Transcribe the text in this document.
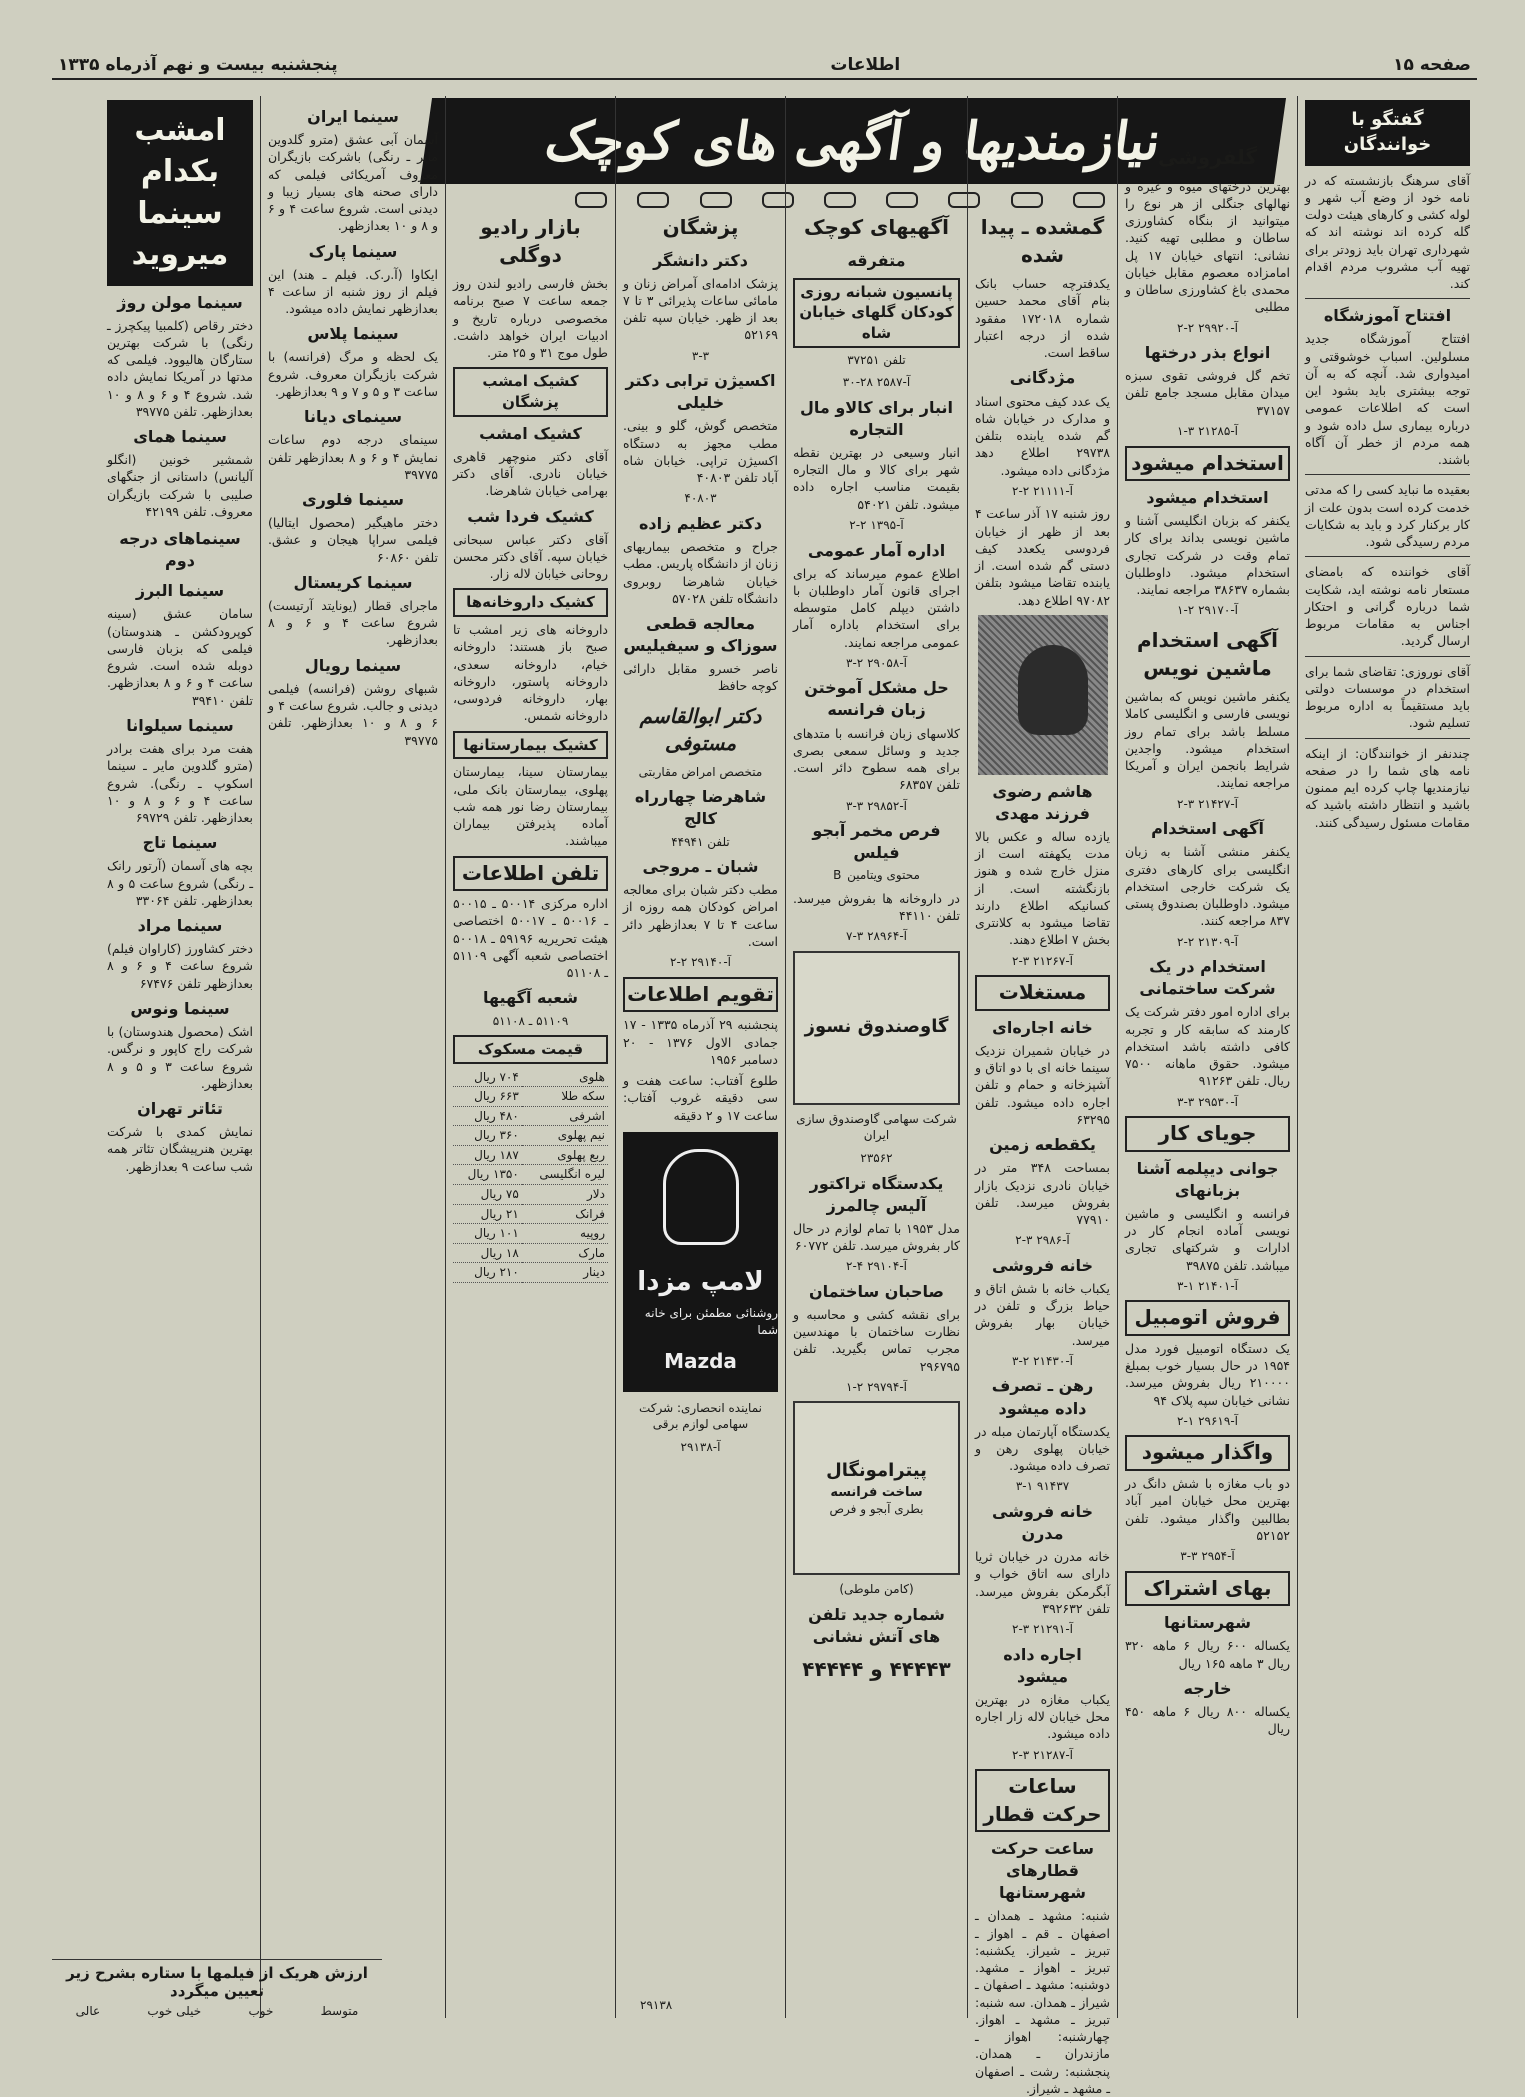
صفحه ۱۵
اطلاعات
پنجشنبه بیست و نهم آذرماه ۱۳۳۵
نیازمندیها و آگهی های کوچک	گفتگو با خوانندگان

آقای سرهنگ بازنشسته که در نامه خود از وضع آب شهر و لوله کشی و کارهای هیئت دولت گله کرده اند نوشته اند که شهرداری تهران باید زودتر برای تهیه آب مشروب مردم اقدام کند.

افتتاح آموزشگاه

افتتاح آموزشگاه جدید مسلولین. اسباب خوشوقتی و امیدواری شد. آنچه که به آن توجه بیشتری باید بشود این است که اطلاعات عمومی درباره بیماری سل داده شود و همه مردم از خطر آن آگاه باشند.

بعقیده ما نباید کسی را که مدتی خدمت کرده است بدون علت از کار برکنار کرد و باید به شکایات مردم رسیدگی شود.

آقای خواننده که بامضای مستعار نامه نوشته اید، شکایت شما درباره گرانی و احتکار اجناس به مقامات مربوط ارسال گردید.

آقای نوروزی: تقاضای شما برای استخدام در موسسات دولتی باید مستقیماً به اداره مربوط تسلیم شود.

چندنفر از خوانندگان: از اینکه نامه های شما را در صفحه نیازمندیها چاپ کرده ایم ممنون باشید و انتظار داشته باشید که مقامات مسئول رسیدگی کنند.

گلفروشی

بهترین درختهای میوه و غیره و نهالهای جنگلی از هر نوع را میتوانید از بنگاه کشاورزی ساطان و مطلبی تهیه کنید. نشانی: انتهای خیابان ۱۷ پل امامزاده معصوم مقابل خیابان محمدی باغ کشاورزی ساطان و مطلبی

آ-۲۹۹۲۰ ۲-۲
انواع بذر درختها

تخم گل فروشی تقوی سبزه میدان مقابل مسجد جامع تلفن ۳۷۱۵۷

آ-۲۱۲۸۵ ۳-۱
استخدام میشود
استخدام میشود

یکنفر که بزبان انگلیسی آشنا و ماشین نویسی بداند برای کار تمام وقت در شرکت تجاری استخدام میشود. داوطلبان بشماره ۳۸۶۳۷ مراجعه نمایند.

آ-۲۹۱۷۰ ۲-۱
آگهی استخدام ماشین نویس

یکنفر ماشین نویس که بماشین نویسی فارسی و انگلیسی کاملا مسلط باشد برای تمام روز استخدام میشود. واجدین شرایط بانجمن ایران و آمریکا مراجعه نمایند.

آ-۲۱۴۲۷ ۳-۲
آگهی استخدام

یکنفر منشی آشنا به زبان انگلیسی برای کارهای دفتری یک شرکت خارجی استخدام میشود. داوطلبان بصندوق پستی ۸۳۷ مراجعه کنند.

آ-۲۱۳۰۹ ۲-۲
استخدام در یک شرکت ساختمانی

برای اداره امور دفتر شرکت یک کارمند که سابقه کار و تجربه کافی داشته باشد استخدام میشود. حقوق ماهانه ۷۵۰۰ ریال. تلفن ۹۱۲۶۳

آ-۲۹۵۳۰ ۳-۳
جویای کار
جوانی دیپلمه آشنا بزبانهای

فرانسه و انگلیسی و ماشین نویسی آماده انجام کار در ادارات و شرکتهای تجاری میباشد. تلفن ۳۹۸۷۵

آ-۲۱۴۰۱ ۱-۳
فروش اتومبیل

یک دستگاه اتومبیل فورد مدل ۱۹۵۴ در حال بسیار خوب بمبلغ ۲۱۰۰۰۰ ریال بفروش میرسد. نشانی خیابان سپه پلاک ۹۴

آ-۲۹۶۱۹ ۱-۲
واگذار میشود

دو باب مغازه با شش دانگ در بهترین محل خیابان امیر آباد بطالبین واگذار میشود. تلفن ۵۲۱۵۲

آ-۲۹۵۴ ۳-۳
بهای اشتراک
شهرستانها

یکساله ۶۰۰ ریال ۶ ماهه ۳۲۰ ریال ۳ ماهه ۱۶۵ ریال

خارجه

یکساله ۸۰۰ ریال ۶ ماهه ۴۵۰ ریال

گمشده ـ پیدا شده

یکدفترچه حساب بانک بنام آقای محمد حسین شماره ۱۷۲۰۱۸ مفقود شده از درجه اعتبار ساقط است.

مژدگانی

یک عدد کیف محتوی اسناد و مدارک در خیابان شاه گم شده یابنده بتلفن ۲۹۷۳۸ اطلاع دهد مژدگانی داده میشود.

آ-۲۱۱۱۱ ۲-۲

روز شنبه ۱۷ آذر ساعت ۴ بعد از ظهر از خیابان فردوسی یکعدد کیف دستی گم شده است. از یابنده تقاضا میشود بتلفن ۹۷۰۸۲ اطلاع دهد.

هاشم رضوی فرزند مهدی

یازده ساله و عکس بالا مدت یکهفته است از منزل خارج شده و هنوز بازنگشته است. از کسانیکه اطلاع دارند تقاضا میشود به کلانتری بخش ۷ اطلاع دهند.

آ-۲۱۲۶۷ ۳-۲
مستغلات
خانه اجاره‌ای

در خیابان شمیران نزدیک سینما خانه ای با دو اتاق و آشپزخانه و حمام و تلفن اجاره داده میشود. تلفن ۶۳۲۹۵

یکقطعه زمین

بمساحت ۳۴۸ متر در خیابان نادری نزدیک بازار بفروش میرسد. تلفن ۷۷۹۱۰

آ-۲۹۸۶ ۳-۲
خانه فروشی

یکباب خانه با شش اتاق و حیاط بزرگ و تلفن در خیابان بهار بفروش میرسد.

آ-۲۱۴۳۰ ۲-۳
رهن ـ تصرف داده میشود

یکدستگاه آپارتمان مبله در خیابان پهلوی رهن و تصرف داده میشود.

۹۱۴۳۷ ۳-۱
خانه فروشی مدرن

خانه مدرن در خیابان ثریا دارای سه اتاق خواب و آبگرمکن بفروش میرسد. تلفن ۳۹۲۶۳۲

آ-۲۱۲۹۱ ۳-۲
اجاره داده میشود

یکباب مغازه در بهترین محل خیابان لاله زار اجاره داده میشود.

آ-۲۱۲۸۷ ۳-۲
ساعات حرکت قطار
ساعت حرکت قطارهای شهرستانها

شنبه: مشهد ـ همدان ـ اصفهان ـ قم ـ اهواز ـ تبریز ـ شیراز. یکشنبه: تبریز ـ اهواز ـ مشهد. دوشنبه: مشهد ـ اصفهان ـ شیراز ـ همدان. سه شنبه: تبریز ـ مشهد ـ اهواز. چهارشنبه: اهواز ـ مازندران ـ همدان. پنجشنبه: رشت ـ اصفهان ـ مشهد ـ شیراز.

آگهیهای کوچک
متفرقه
پانسیون شبانه روزی کودکان گلهای خیابان شاه
تلفن ۳۷۲۵۱
آ-۲۵۸۷ ۲۸-۳۰
انبار برای کالاو مال التجاره

انبار وسیعی در بهترین نقطه شهر برای کالا و مال التجاره بقیمت مناسب اجاره داده میشود. تلفن ۵۴۰۲۱

آ-۱۳۹۵ ۲-۲
اداره آمار عمومی

اطلاع عموم میرساند که برای اجرای قانون آمار داوطلبان با داشتن دیپلم کامل متوسطه برای استخدام باداره آمار عمومی مراجعه نمایند.

آ-۲۹۰۵۸ ۲-۳
حل مشکل آموختن زبان فرانسه

کلاسهای زبان فرانسه با متدهای جدید و وسائل سمعی بصری برای همه سطوح دائر است. تلفن ۶۸۳۵۷

آ-۲۹۸۵۲ ۳-۳
فرص مخمر آبجو فیلس
محتوی ویتامین B

در داروخانه ها بفروش میرسد. تلفن ۴۴۱۱۰

آ-۲۸۹۶۴ ۳-۷
گاوصندوق نسوز
شرکت سهامی گاوصندوق سازی ایران
۲۳۵۶۲
یکدستگاه تراکتور آلیس چالمرز

مدل ۱۹۵۳ با تمام لوازم در حال کار بفروش میرسد. تلفن ۶۰۷۷۲

آ-۲۹۱۰۴ ۴-۲
صاحبان ساختمان

برای نقشه کشی و محاسبه و نظارت ساختمان با مهندسین مجرب تماس بگیرید. تلفن ۲۹۶۷۹۵

آ-۲۹۷۹۴ ۲-۱
پیترامونگال
ساخت فرانسه
بطری آبجو و فرص
(کامن ملوطی)
شماره جدید تلفن های آتش نشانی
۴۴۴۴۳ و ۴۴۴۴۴
پزشگان
دکتر دانشگر

پزشک ادامه‌ای آمراض زنان و مامائی ساعات پذیرائی ۳ تا ۷ بعد از ظهر. خیابان سپه تلفن ۵۲۱۶۹

۳-۳
اکسیژن ترابی دکتر خلیلی

متخصص گوش، گلو و بینی. مطب مجهز به دستگاه اکسیژن تراپی. خیابان شاه آباد تلفن ۴۰۸۰۳

۴۰۸۰۳
دکتر عظیم زاده

جراح و متخصص بیماریهای زنان از دانشگاه پاریس. مطب خیابان شاهرضا روبروی دانشگاه تلفن ۵۷۰۲۸

معالجه قطعی سوزاک و سیفیلیس

ناصر خسرو مقابل دارائی کوچه حافظ

دکتر ابوالقاسم مستوفی
متخصص امراض مقاربتی
شاهرضا چهارراه کالج
تلفن ۴۴۹۴۱
شبان ـ مروجی

مطب دکتر شبان برای معالجه امراض کودکان همه روزه از ساعت ۴ تا ۷ بعدازظهر دائر است.

آ-۲۹۱۴۰ ۲-۲
تقویم اطلاعات

پنجشنبه ۲۹ آذرماه ۱۳۳۵ - ۱۷ جمادی الاول ۱۳۷۶ - ۲۰ دسامبر ۱۹۵۶

طلوع آفتاب: ساعت هفت و سی دقیقه غروب آفتاب: ساعت ۱۷ و ۲ دقیقه

لامپ مزدا
روشنائی مطمئن برای خانه شما
Mazda
نماینده انحصاری: شرکت سهامی لوازم برقی
آ-۲۹۱۳۸
بازار رادیو دوگلی

بخش فارسی رادیو لندن روز جمعه ساعت ۷ صبح برنامه مخصوصی درباره تاریخ و ادبیات ایران خواهد داشت. طول موج ۳۱ و ۲۵ متر.

کشیک امشب پزشگان
کشیک امشب

آقای دکتر منوچهر قاهری خیابان نادری. آقای دکتر بهرامی خیابان شاهرضا.

کشیک فردا شب

آقای دکتر عباس سبحانی خیابان سپه. آقای دکتر محسن روحانی خیابان لاله زار.

کشیک داروخانه‌ها

داروخانه های زیر امشب تا صبح باز هستند: داروخانه خیام، داروخانه سعدی، داروخانه پاستور، داروخانه بهار، داروخانه فردوسی، داروخانه شمس.

کشیک بیمارستانها

بیمارستان سینا، بیمارستان پهلوی، بیمارستان بانک ملی، بیمارستان رضا نور همه شب آماده پذیرفتن بیماران میباشند.

تلفن اطلاعات

اداره مرکزی ۵۰۰۱۴ ـ ۵۰۰۱۵ ـ ۵۰۰۱۶ ـ ۵۰۰۱۷ اختصاصی هیئت تحریریه ۵۹۱۹۶ ـ ۵۰۰۱۸ اختصاصی شعبه آگهی ۵۱۱۰۹ ـ ۵۱۱۰۸

شعبه آگهیها
۵۱۱۰۹ ـ ۵۱۱۰۸
قیمت مسکوک
هلوی	۷۰۴ ریال
سکه طلا	۶۶۳ ریال
اشرفی	۴۸۰ ریال
نیم پهلوی	۳۶۰ ریال
ربع پهلوی	۱۸۷ ریال
لیره انگلیسی	۱۳۵۰ ریال
دلار	۷۵ ریال
فرانک	۲۱ ریال
روپیه	۱۰۱ ریال
مارک	۱۸ ریال
دینار	۲۱۰ ریال
سینما ایران

آسمان آبی عشق (مترو گلدوین مایر ـ رنگی) باشرکت بازیگران معروف آمریکائی فیلمی که دارای صحنه های بسیار زیبا و دیدنی است. شروع ساعت ۴ و ۶ و ۸ و ۱۰ بعدازظهر.

سینما پارک

ایکاوا (آ.ر.ک. فیلم ـ هند) این فیلم از روز شنبه از ساعت ۴ بعدازظهر نمایش داده میشود.

سینما پلاس

یک لحظه و مرگ (فرانسه) با شرکت بازیگران معروف. شروع ساعت ۳ و ۵ و ۷ و ۹ بعدازظهر.

سینمای دیانا

سینمای درجه دوم ساعات نمایش ۴ و ۶ و ۸ بعدازظهر تلفن ۳۹۷۷۵

سینما فلوری

دختر ماهیگیر (محصول ایتالیا) فیلمی سراپا هیجان و عشق. تلفن ۶۰۸۶۰

سینما کریستال

ماجرای قطار (یونایتد آرتیست) شروع ساعت ۴ و ۶ و ۸ بعدازظهر.

سینما رویال

شبهای روشن (فرانسه) فیلمی دیدنی و جالب. شروع ساعت ۴ و ۶ و ۸ و ۱۰ بعدازظهر. تلفن ۳۹۷۷۵

امشب بکدام سینما میروید
سینما مولن روژ

دختر رقاص (کلمبیا پیکچرز ـ رنگی) با شرکت بهترین ستارگان هالیوود. فیلمی که مدتها در آمریکا نمایش داده شد. شروع ۴ و ۶ و ۸ و ۱۰ بعدازظهر. تلفن ۳۹۷۷۵

سینما همای

شمشیر خونین (انگلو آلیانس) داستانی از جنگهای صلیبی با شرکت بازیگران معروف. تلفن ۴۲۱۹۹

سینماهای درجه دوم
سینما البرز

سامان عشق (سینه کوپرودکشن ـ هندوستان) فیلمی که بزبان فارسی دوبله شده است. شروع ساعت ۴ و ۶ و ۸ بعدازظهر. تلفن ۳۹۴۱۰

سینما سیلوانا

هفت مرد برای هفت برادر (مترو گلدوین مایر ـ سینما اسکوپ ـ رنگی). شروع ساعت ۴ و ۶ و ۸ و ۱۰ بعدازظهر. تلفن ۶۹۷۲۹

سینما تاج

بچه های آسمان (آرتور رانک ـ رنگی) شروع ساعت ۵ و ۸ بعدازظهر. تلفن ۳۳۰۶۴

سینما مراد

دختر کشاورز (کاراوان فیلم) شروع ساعت ۴ و ۶ و ۸ بعدازظهر تلفن ۶۷۴۷۶

سینما ونوس

اشک (محصول هندوستان) با شرکت راج کاپور و نرگس. شروع ساعت ۳ و ۵ و ۸ بعدازظهر.

تئاتر تهران

نمایش کمدی با شرکت بهترین هنرپیشگان تئاتر همه شب ساعت ۹ بعدازظهر.

ارزش هریک از فیلمها با ستاره بشرح زیر تعیین میگردد
متوسط
خوب
خیلی خوب
عالی	۲۹۱۳۸
